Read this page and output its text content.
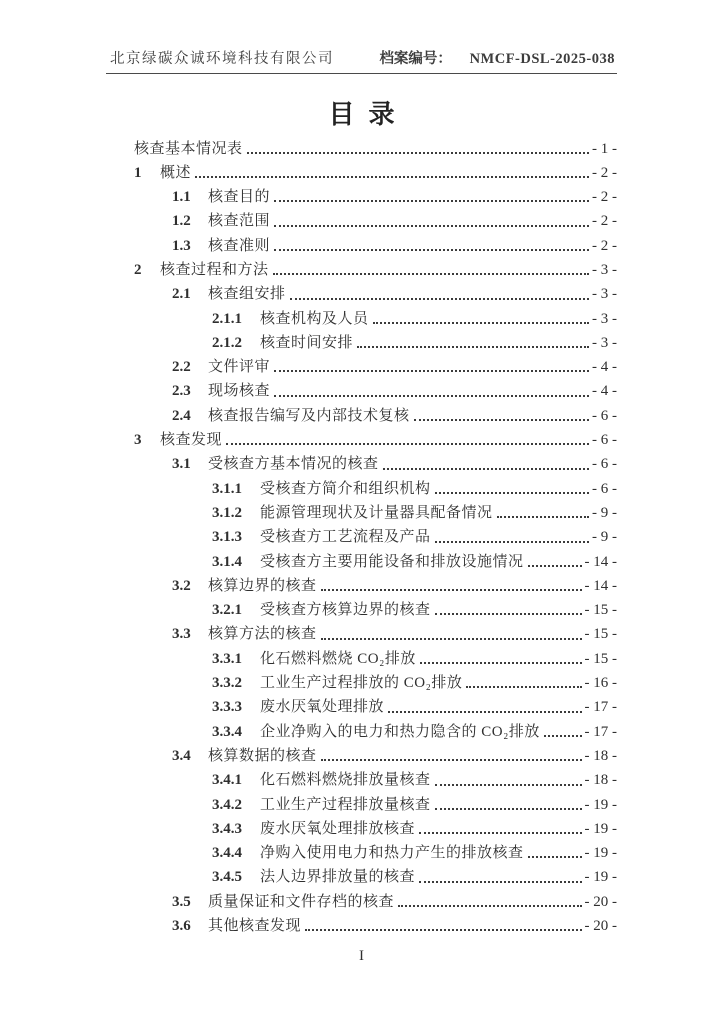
北京绿碳众诚环境科技有限公司	档案编号： NMCF-DSL-2025-038
目录
核查基本情况表	- 1 -
1	概述	- 2 -
1.1	核查目的	- 2 -
1.2	核查范围	- 2 -
1.3	核查准则	- 2 -
2	核查过程和方法	- 3 -
2.1	核查组安排	- 3 -
2.1.1	核查机构及人员	- 3 -
2.1.2	核查时间安排	- 3 -
2.2	文件评审	- 4 -
2.3	现场核查	- 4 -
2.4	核查报告编写及内部技术复核	- 6 -
3	核查发现	- 6 -
3.1	受核查方基本情况的核查	- 6 -
3.1.1	受核查方简介和组织机构	- 6 -
3.1.2	能源管理现状及计量器具配备情况	- 9 -
3.1.3	受核查方工艺流程及产品	- 9 -
3.1.4	受核查方主要用能设备和排放设施情况	- 14 -
3.2	核算边界的核查	- 14 -
3.2.1	受核查方核算边界的核查	- 15 -
3.3	核算方法的核查	- 15 -
3.3.1	化石燃料燃烧 CO₂排放	- 15 -
3.3.2	工业生产过程排放的 CO₂排放	- 16 -
3.3.3	废水厌氧处理排放	- 17 -
3.3.4	企业净购入的电力和热力隐含的 CO₂排放	- 17 -
3.4	核算数据的核查	- 18 -
3.4.1	化石燃料燃烧排放量核查	- 18 -
3.4.2	工业生产过程排放量核查	- 19 -
3.4.3	废水厌氧处理排放核查	- 19 -
3.4.4	净购入使用电力和热力产生的排放核查	- 19 -
3.4.5	法人边界排放量的核查	- 19 -
3.5	质量保证和文件存档的核查	- 20 -
3.6	其他核查发现	- 20 -
I
